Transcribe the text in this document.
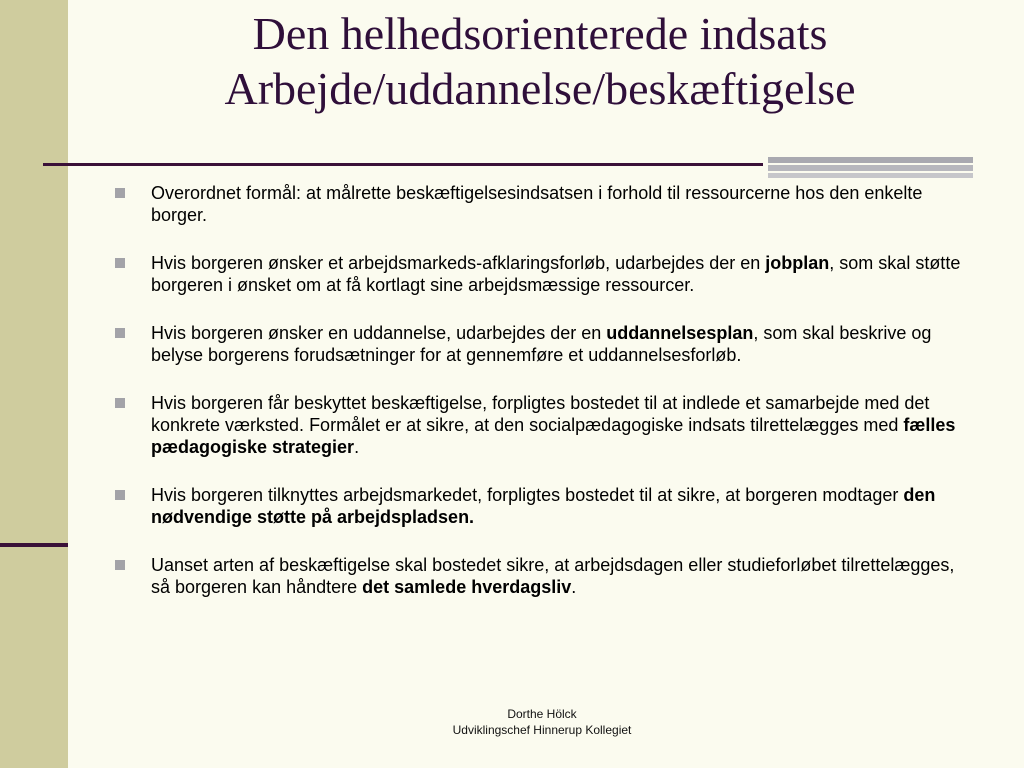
Den helhedsorienterede indsats
Arbejde/uddannelse/beskæftigelse
Overordnet formål: at målrette beskæftigelsesindsatsen i forhold til ressourcerne hos den enkelte borger.
Hvis borgeren ønsker et arbejdsmarkeds-afklaringsforløb, udarbejdes der en jobplan, som skal støtte borgeren i ønsket om at få kortlagt sine arbejdsmæssige ressourcer.
Hvis borgeren ønsker en uddannelse, udarbejdes der en uddannelsesplan, som skal beskrive og belyse borgerens forudsætninger for at gennemføre et uddannelsesforløb.
Hvis borgeren får beskyttet beskæftigelse, forpligtes bostedet til at indlede et samarbejde med det konkrete værksted. Formålet er at sikre, at den socialpædagogiske indsats tilrettelægges med fælles pædagogiske strategier.
Hvis borgeren tilknyttes arbejdsmarkedet, forpligtes bostedet til at sikre, at borgeren modtager den nødvendige støtte på arbejdspladsen.
Uanset arten af beskæftigelse skal bostedet sikre, at arbejdsdagen eller studieforløbet tilrettelægges, så borgeren kan håndtere det samlede hverdagsliv.
Dorthe Hölck
Udviklingschef Hinnerup Kollegiet
